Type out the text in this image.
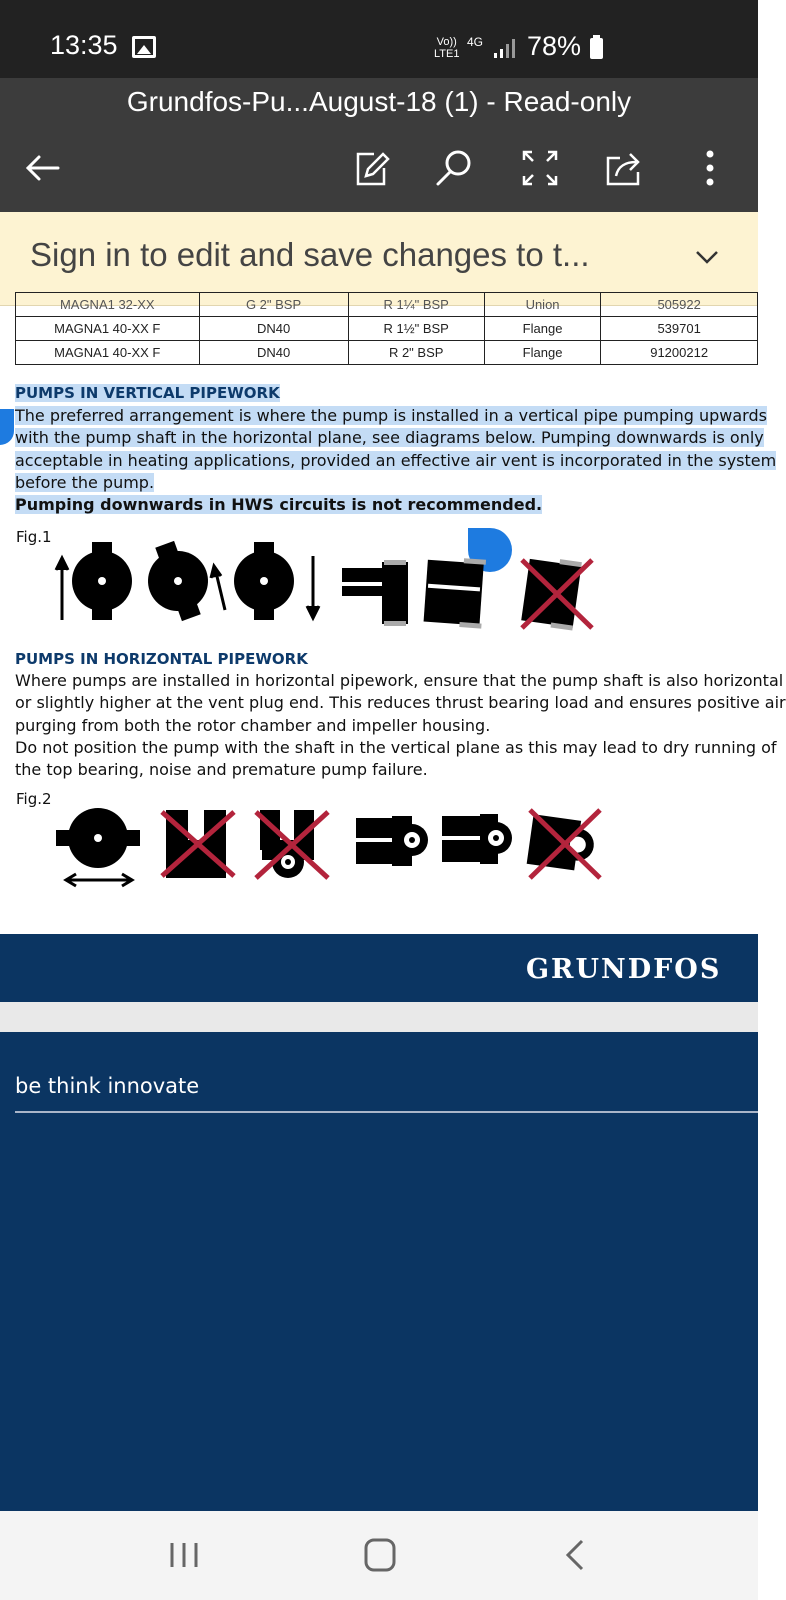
13:35	Vo))
LTE1
4G 78%
Grundfos-Pu...August-18 (1) - Read-only
Sign in to edit and save changes to t...
MAGNA1 32-XX	G 2" BSP	R 1¼" BSP	Union	505922
MAGNA1 40-XX F	DN40	R 1½" BSP	Flange	539701
MAGNA1 40-XX F	DN40	R 2" BSP	Flange	91200212
PUMPS IN VERTICAL PIPEWORK
The preferred arrangement is where the pump is installed in a vertical pipe pumping upwards
with the pump shaft in the horizontal plane, see diagrams below. Pumping downwards is only
acceptable in heating applications, provided an effective air vent is incorporated in the system
before the pump.
Pumping downwards in HWS circuits is not recommended.
Fig.1
PUMPS IN HORIZONTAL PIPEWORK
Where pumps are installed in horizontal pipework, ensure that the pump shaft is also horizontal
or slightly higher at the vent plug end. This reduces thrust bearing load and ensures positive air
purging from both the rotor chamber and impeller housing.
Do not position the pump with the shaft in the vertical plane as this may lead to dry running of
the top bearing, noise and premature pump failure.
Fig.2
GRUNDFOS
be think innovate
